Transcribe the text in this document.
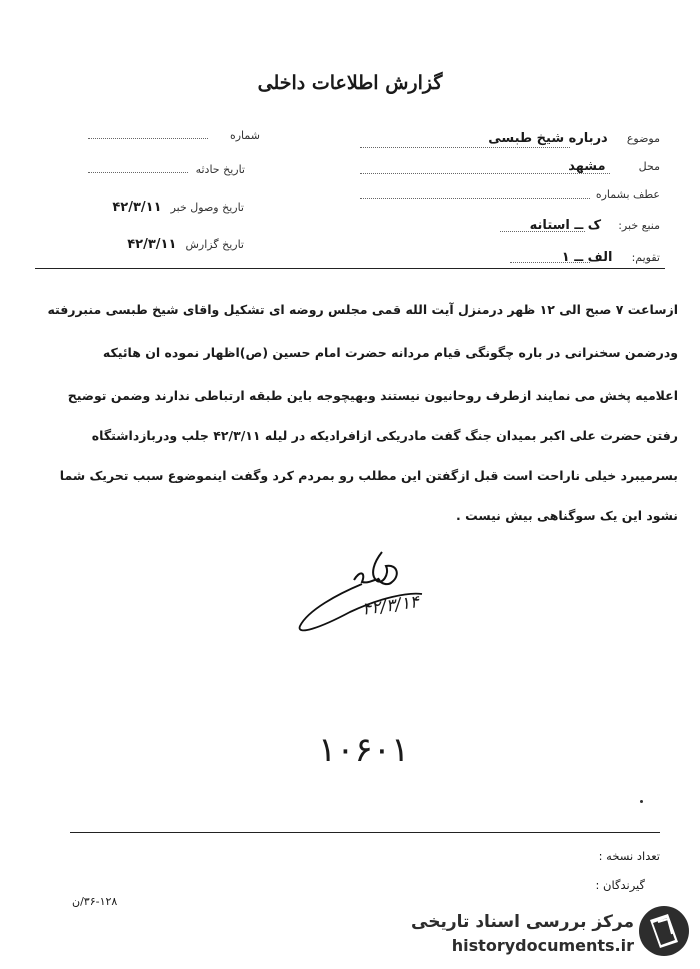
گزارش اطلاعات داخلی
موضوع درباره شیخ طبسی
محل مشهد
عطف بشماره
منبع خبر: ک ــ استانه
تقویم: الف ــ ۱
شماره
تاریخ حادثه
تاریخ وصول خبر ۴۲/۳/۱۱
تاریخ گزارش ۴۲/۳/۱۱
ازساعت ۷ صبح الی ۱۲ ظهر درمنزل آیت الله قمی مجلس روضه ای تشکیل واقای شیخ طبسی منبررفته
ودرضمن سخنرانی در باره چگونگی قیام مردانه حضرت امام حسین (ص)اظهار نموده ان هائیکه
اعلامیه پخش می نمایند ازطرف روحانیون نیستند وبهیچوجه باین طبقه ارتباطی ندارند وضمن توضیح
رفتن حضرت علی اکبر بمیدان جنگ گفت مادریکی ازافرادیکه در لیله ۴۲/۳/۱۱ جلب ودربازداشتگاه
بسرمیبرد خیلی ناراحت است قبل ازگفتن این مطلب رو بمردم کرد وگفت اینموضوع سبب تحریک شما
نشود این یک سوگناهی بیش نیست .
۴۲/۳/۱۴
۱۰۶۰۱
تعداد نسخه :
گیرندگان :
۳۶-۱۲۸/ن
مرکز بررسی اسناد تاریخی
historydocuments.ir
